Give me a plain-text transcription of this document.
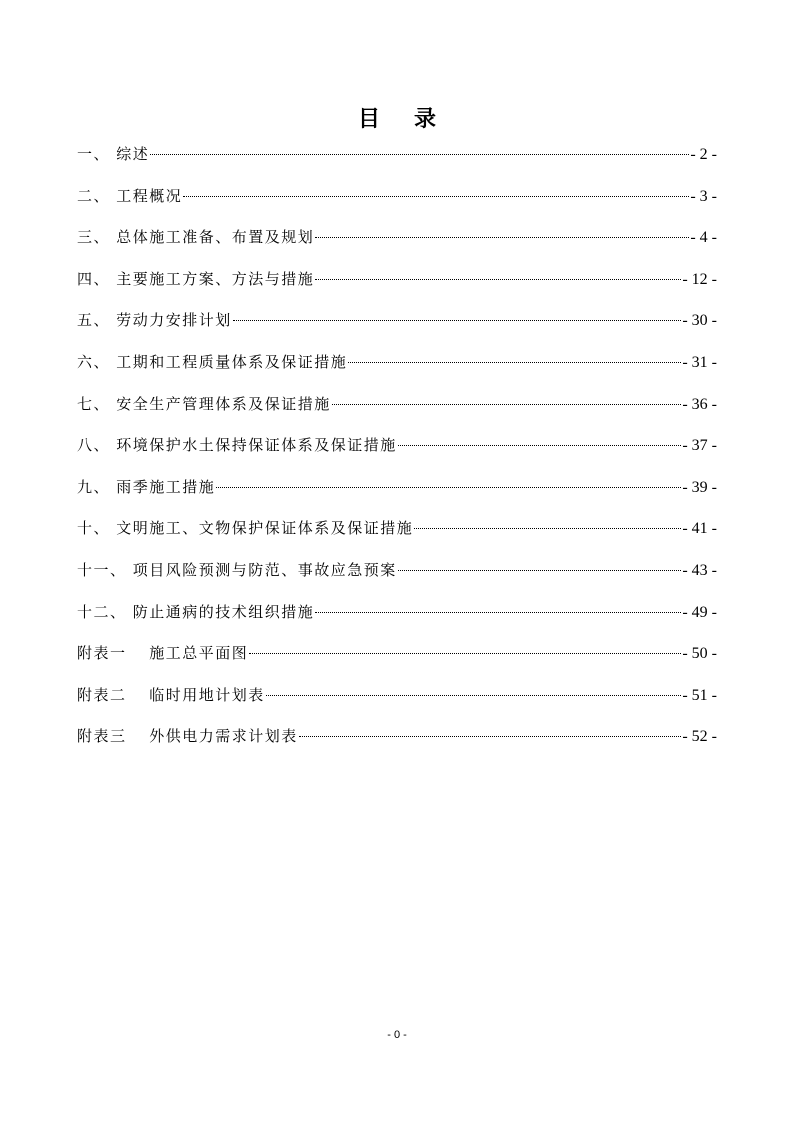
目录
一、 综述	- 2 -
二、 工程概况	- 3 -
三、 总体施工准备、布置及规划	- 4 -
四、 主要施工方案、方法与措施	- 12 -
五、 劳动力安排计划	- 30 -
六、 工期和工程质量体系及保证措施	- 31 -
七、 安全生产管理体系及保证措施	- 36 -
八、 环境保护水土保持保证体系及保证措施	- 37 -
九、 雨季施工措施	- 39 -
十、 文明施工、文物保护保证体系及保证措施	- 41 -
十一、 项目风险预测与防范、事故应急预案	- 43 -
十二、 防止通病的技术组织措施	- 49 -
附表一　 施工总平面图	- 50 -
附表二　 临时用地计划表	- 51 -
附表三　 外供电力需求计划表	- 52 -
- 0 -
